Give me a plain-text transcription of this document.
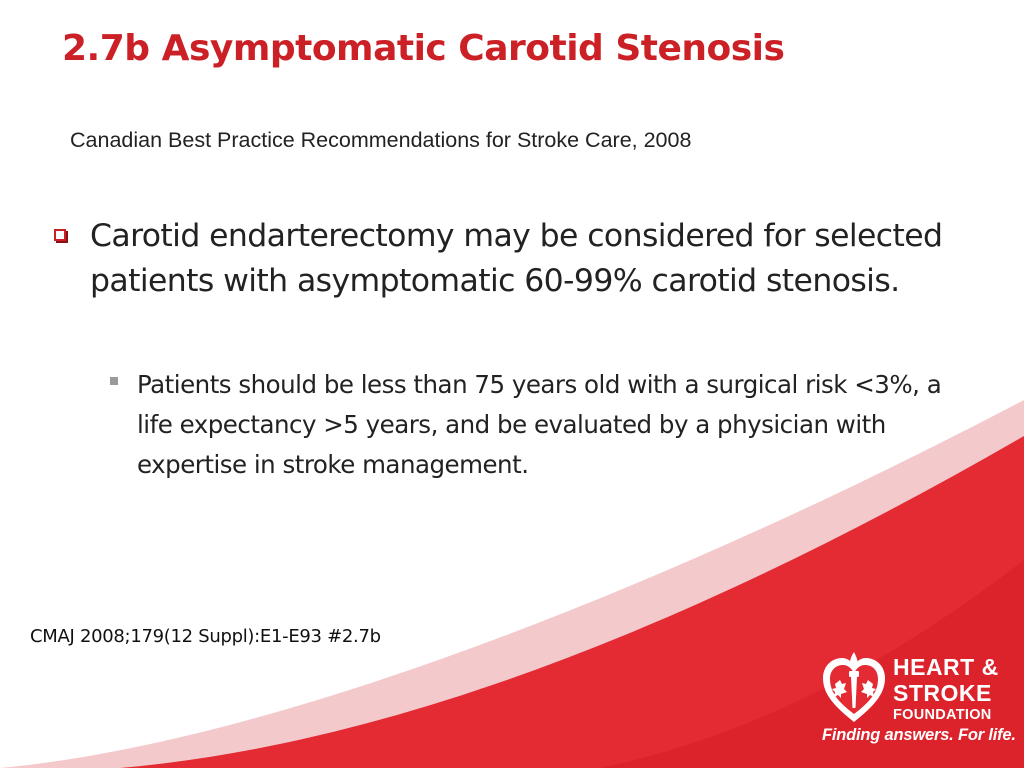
2.7b Asymptomatic Carotid Stenosis

Canadian Best Practice Recommendations for Stroke Care, 2008

Carotid endarterectomy may be considered for selected patients with asymptomatic 60-99% carotid stenosis.
Patients should be less than 75 years old with a surgical risk <3%, a life expectancy >5 years, and be evaluated by a physician with expertise in stroke management.
CMAJ 2008;179(12 Suppl):E1-E93 #2.7b
HEART &
STROKE
FOUNDATION
Finding answers. For life.
